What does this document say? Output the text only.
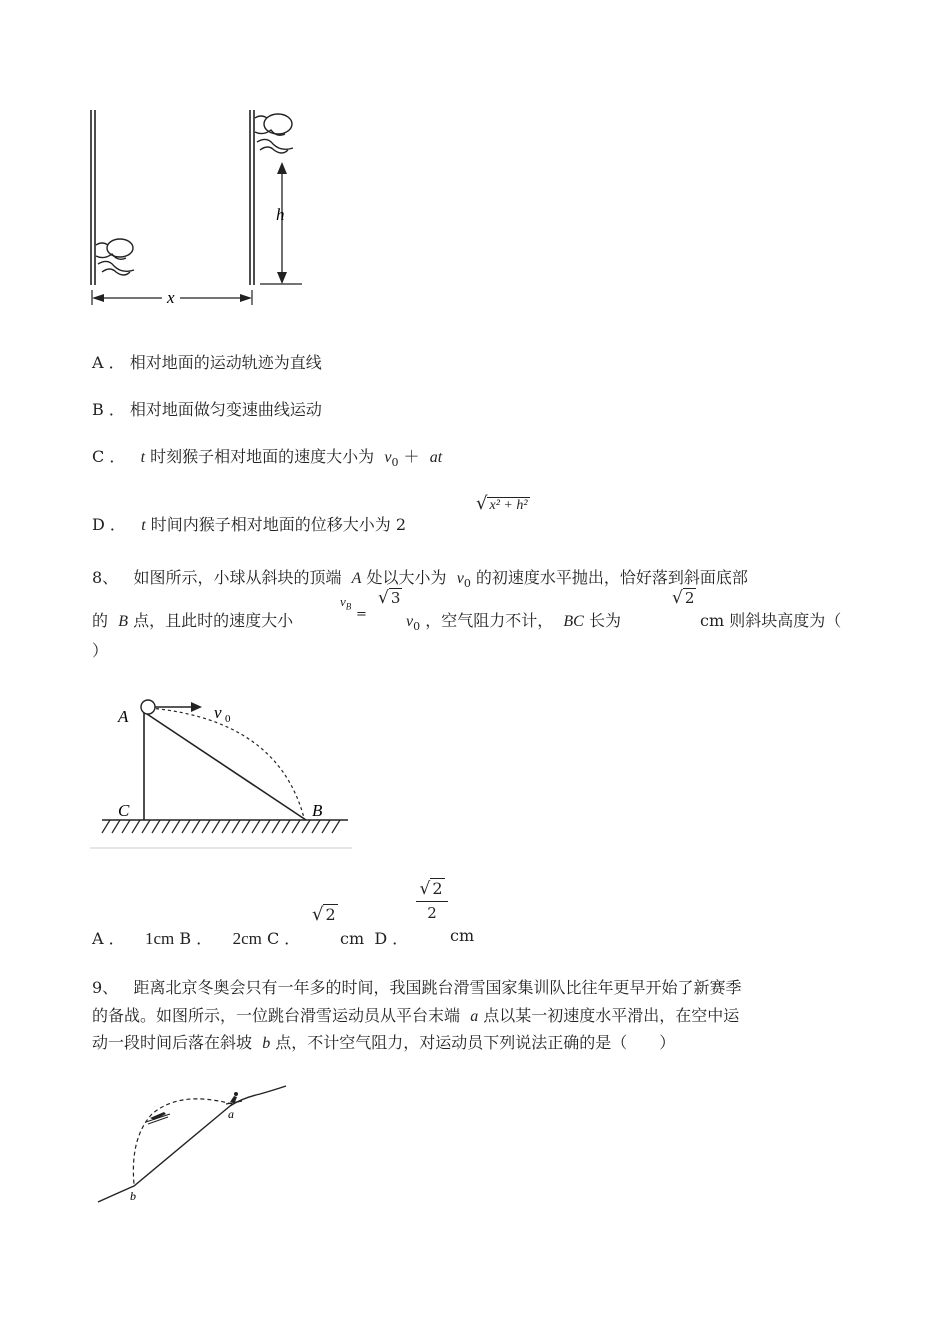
h
x
A ． 相对地面的运动轨迹为直线
B ． 相对地面做匀变速曲线运动
C ． t 时刻猴子相对地面的速度大小为 $v_0$ ＋ at
D ． t 时间内猴子相对地面的位移大小为 2
√ x² + h²
8、 如图所示，小球从斜块的顶端 A 处以大小为 $v_0$ 的初速度水平抛出，恰好落到斜面底部
的 B 点，且此时的速度大小
$v_B$
=
√ 3
$v_0$ ，空气阻力不计， BC 长为
√ 2
cm 则斜块高度为（
）
v 0
A
C	B
A ． 1cm B ． 2cm C ．
√ 2
cm D ．
√ 2
2
cm
9、 距离北京冬奥会只有一年多的时间，我国跳台滑雪国家集训队比往年更早开始了新赛季
的备战。如图所示，一位跳台滑雪运动员从平台末端 a 点以某一初速度水平滑出，在空中运
动一段时间后落在斜坡 b 点，不计空气阻力，对运动员下列说法正确的是（　　）
a
b
